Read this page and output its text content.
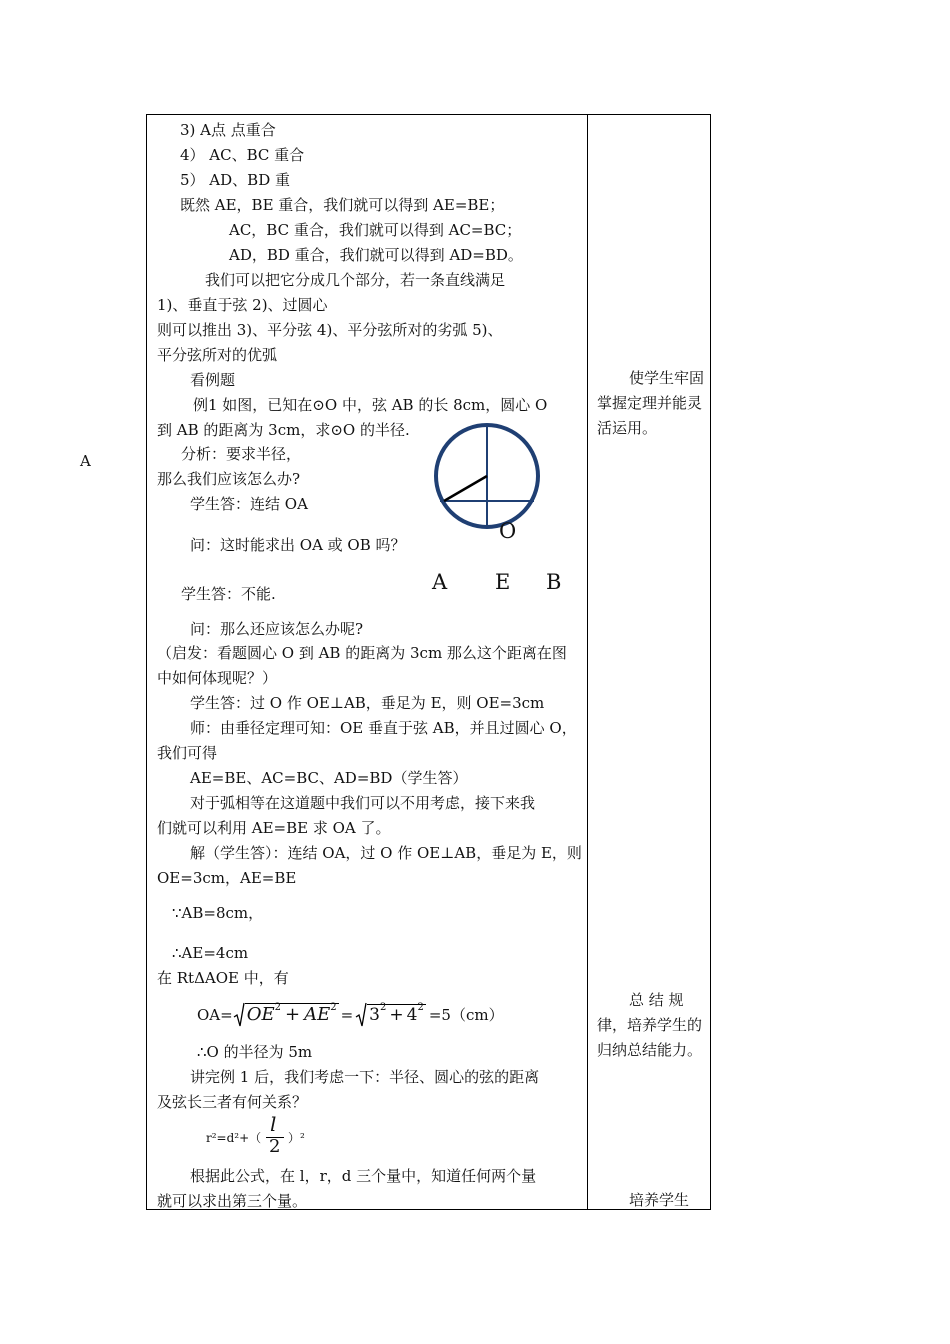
A
3) A点 点重合
4） AC、BC 重合
5） AD、BD 重
既然 AE，BE 重合，我们就可以得到 AE=BE；
AC，BC 重合，我们就可以得到 AC=BC；
AD，BD 重合，我们就可以得到 AD=BD。
我们可以把它分成几个部分，若一条直线满足
1)、垂直于弦 2)、过圆心
则可以推出 3)、平分弦 4)、平分弦所对的劣弧 5)、
平分弦所对的优弧
看例题
例1 如图，已知在⊙O 中，弦 AB 的长 8cm，圆心 O
到 AB 的距离为 3cm，求⊙O 的半径.
分析：要求半径，
那么我们应该怎么办?
学生答：连结 OA
问：这时能求出 OA 或 OB 吗？
学生答：不能.
问：那么还应该怎么办呢?
（启发：看题圆心 O 到 AB 的距离为 3cm 那么这个距离在图
中如何体现呢？）
学生答：过 O 作 OE⊥AB，垂足为 E，则 OE=3cm
师：由垂径定理可知：OE 垂直于弦 AB，并且过圆心 O，
我们可得
AE=BE、AC=BC、AD=BD（学生答）
对于弧相等在这道题中我们可以不用考虑，接下来我
们就可以利用 AE=BE 求 OA 了。
解（学生答）：连结 OA，过 O 作 OE⊥AB，垂足为 E，则
OE=3cm，AE=BE
∵AB=8cm，
∴AE=4cm
在 RtΔAOE 中，有
$OA= OE^2 + AE^2 = 3^2 + 4^2 =5(cm)$
∴O 的半径为 5m
讲完例 1 后，我们考虑一下：半径、圆心的弦的距离
及弦长三者有何关系？
r²=d²+（
l
2 ）²
根据此公式，在 l，r，d 三个量中，知道任何两个量
就可以求出第三个量。
O
A E B
使学生牢固掌握定理并能灵活运用。
总 结 规律，培养学生的归纳总结能力。
培养学生
